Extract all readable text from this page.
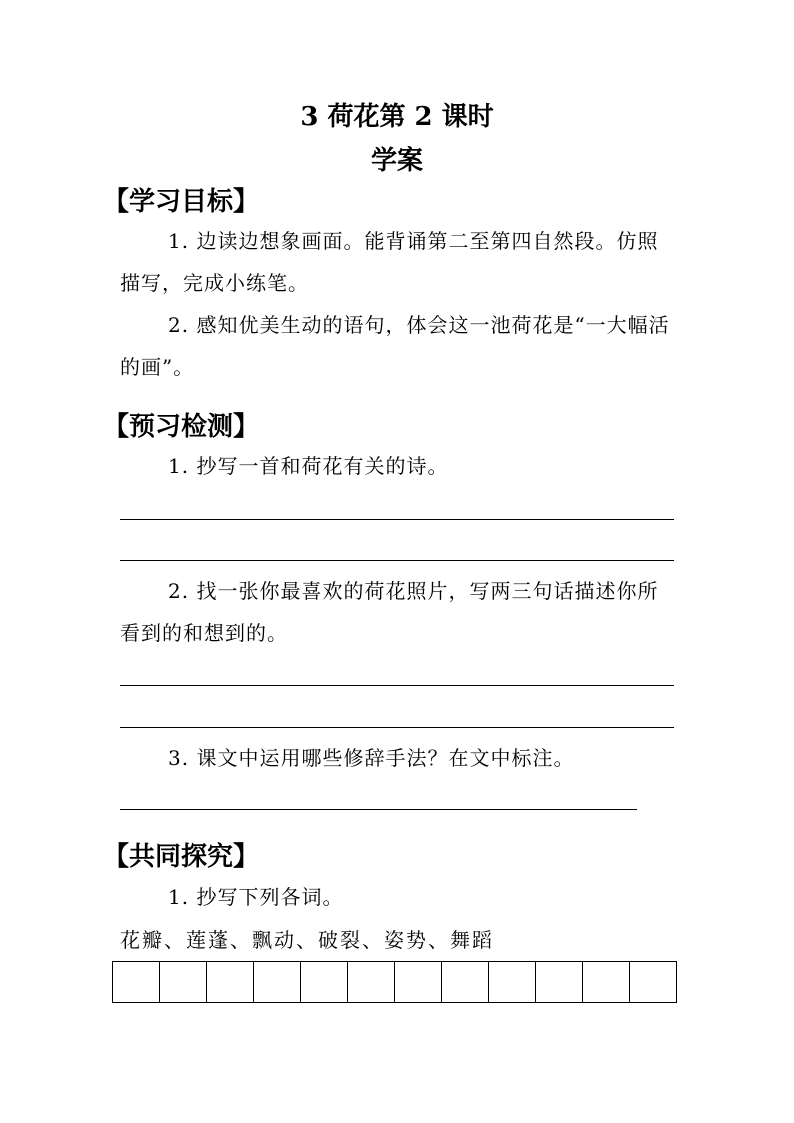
3 荷花第 2 课时
学案
【学习目标】

1. 边读边想象画面。能背诵第二至第四自然段。仿照描写，完成小练笔。

2. 感知优美生动的语句，体会这一池荷花是“一大幅活的画”。

【预习检测】

1. 抄写一首和荷花有关的诗。

2. 找一张你最喜欢的荷花照片，写两三句话描述你所看到的和想到的。

3. 课文中运用哪些修辞手法？在文中标注。

【共同探究】

1. 抄写下列各词。

花瓣、莲蓬、飘动、破裂、姿势、舞蹈
